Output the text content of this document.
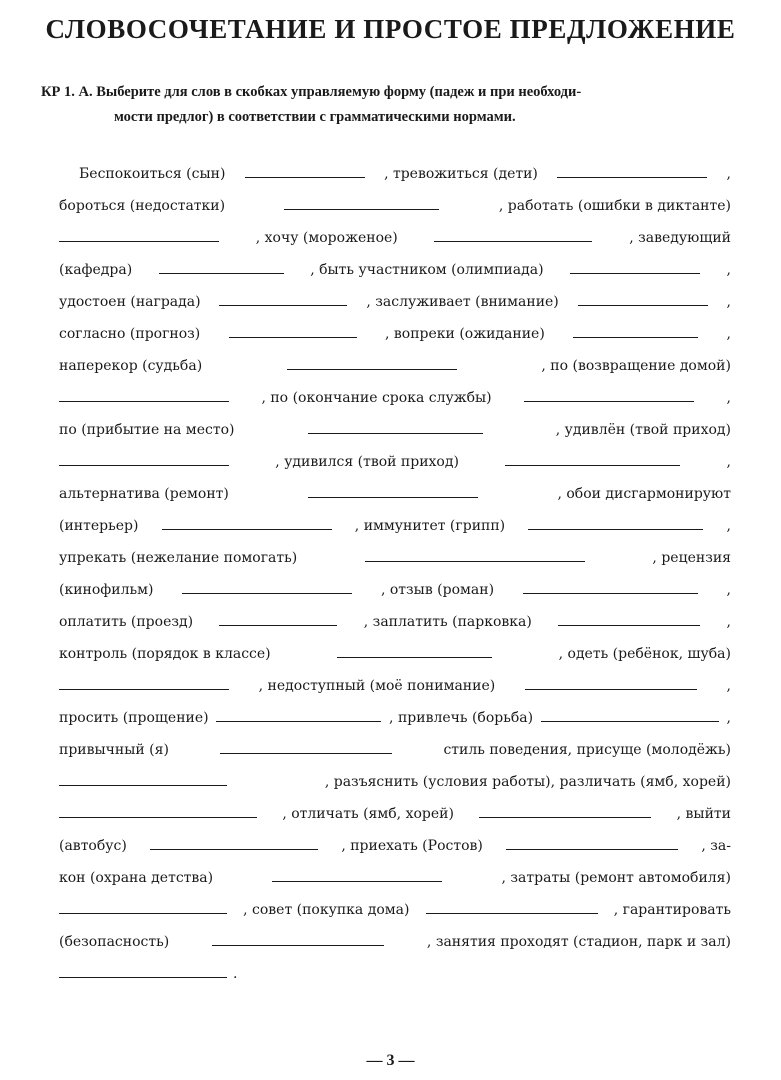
СЛОВОСОЧЕТАНИЕ И ПРОСТОЕ ПРЕДЛОЖЕНИЕ
КР 1. А. Выберите для слов в скобках управляемую форму (падеж и при необходи-
мости предлог) в соответствии с грамматическими нормами.
Беспокоиться (сын)	, тревожиться (дети)	,
бороться (недостатки)	, работать (ошибки в диктанте)
, хочу (мороженое)	, заведующий
(кафедра)	, быть участником (олимпиада)	,
удостоен (награда)	, заслуживает (внимание)	,
согласно (прогноз)	, вопреки (ожидание)	,
наперекор (судьба)	, по (возвращение домой)
, по (окончание срока службы)	,
по (прибытие на место)	, удивлён (твой приход)
, удивился (твой приход)	,
альтернатива (ремонт)	, обои дисгармонируют
(интерьер)	, иммунитет (грипп)	,
упрекать (нежелание помогать)	, рецензия
(кинофильм)	, отзыв (роман)	,
оплатить (проезд)	, заплатить (парковка)	,
контроль (порядок в классе)	, одеть (ребёнок, шуба)
, недоступный (моё понимание)	,
просить (прощение)	, привлечь (борьба)	,
привычный (я)	стиль поведения, присуще (молодёжь)
, разъяснить (условия работы), различать (ямб, хорей)
, отличать (ямб, хорей)	, выйти
(автобус)	, приехать (Ростов)	, за-
кон (охрана детства)	, затраты (ремонт автомобиля)
, совет (покупка дома)	, гарантировать
(безопасность)	, занятия проходят (стадион, парк и зал)
.
— 3 —
